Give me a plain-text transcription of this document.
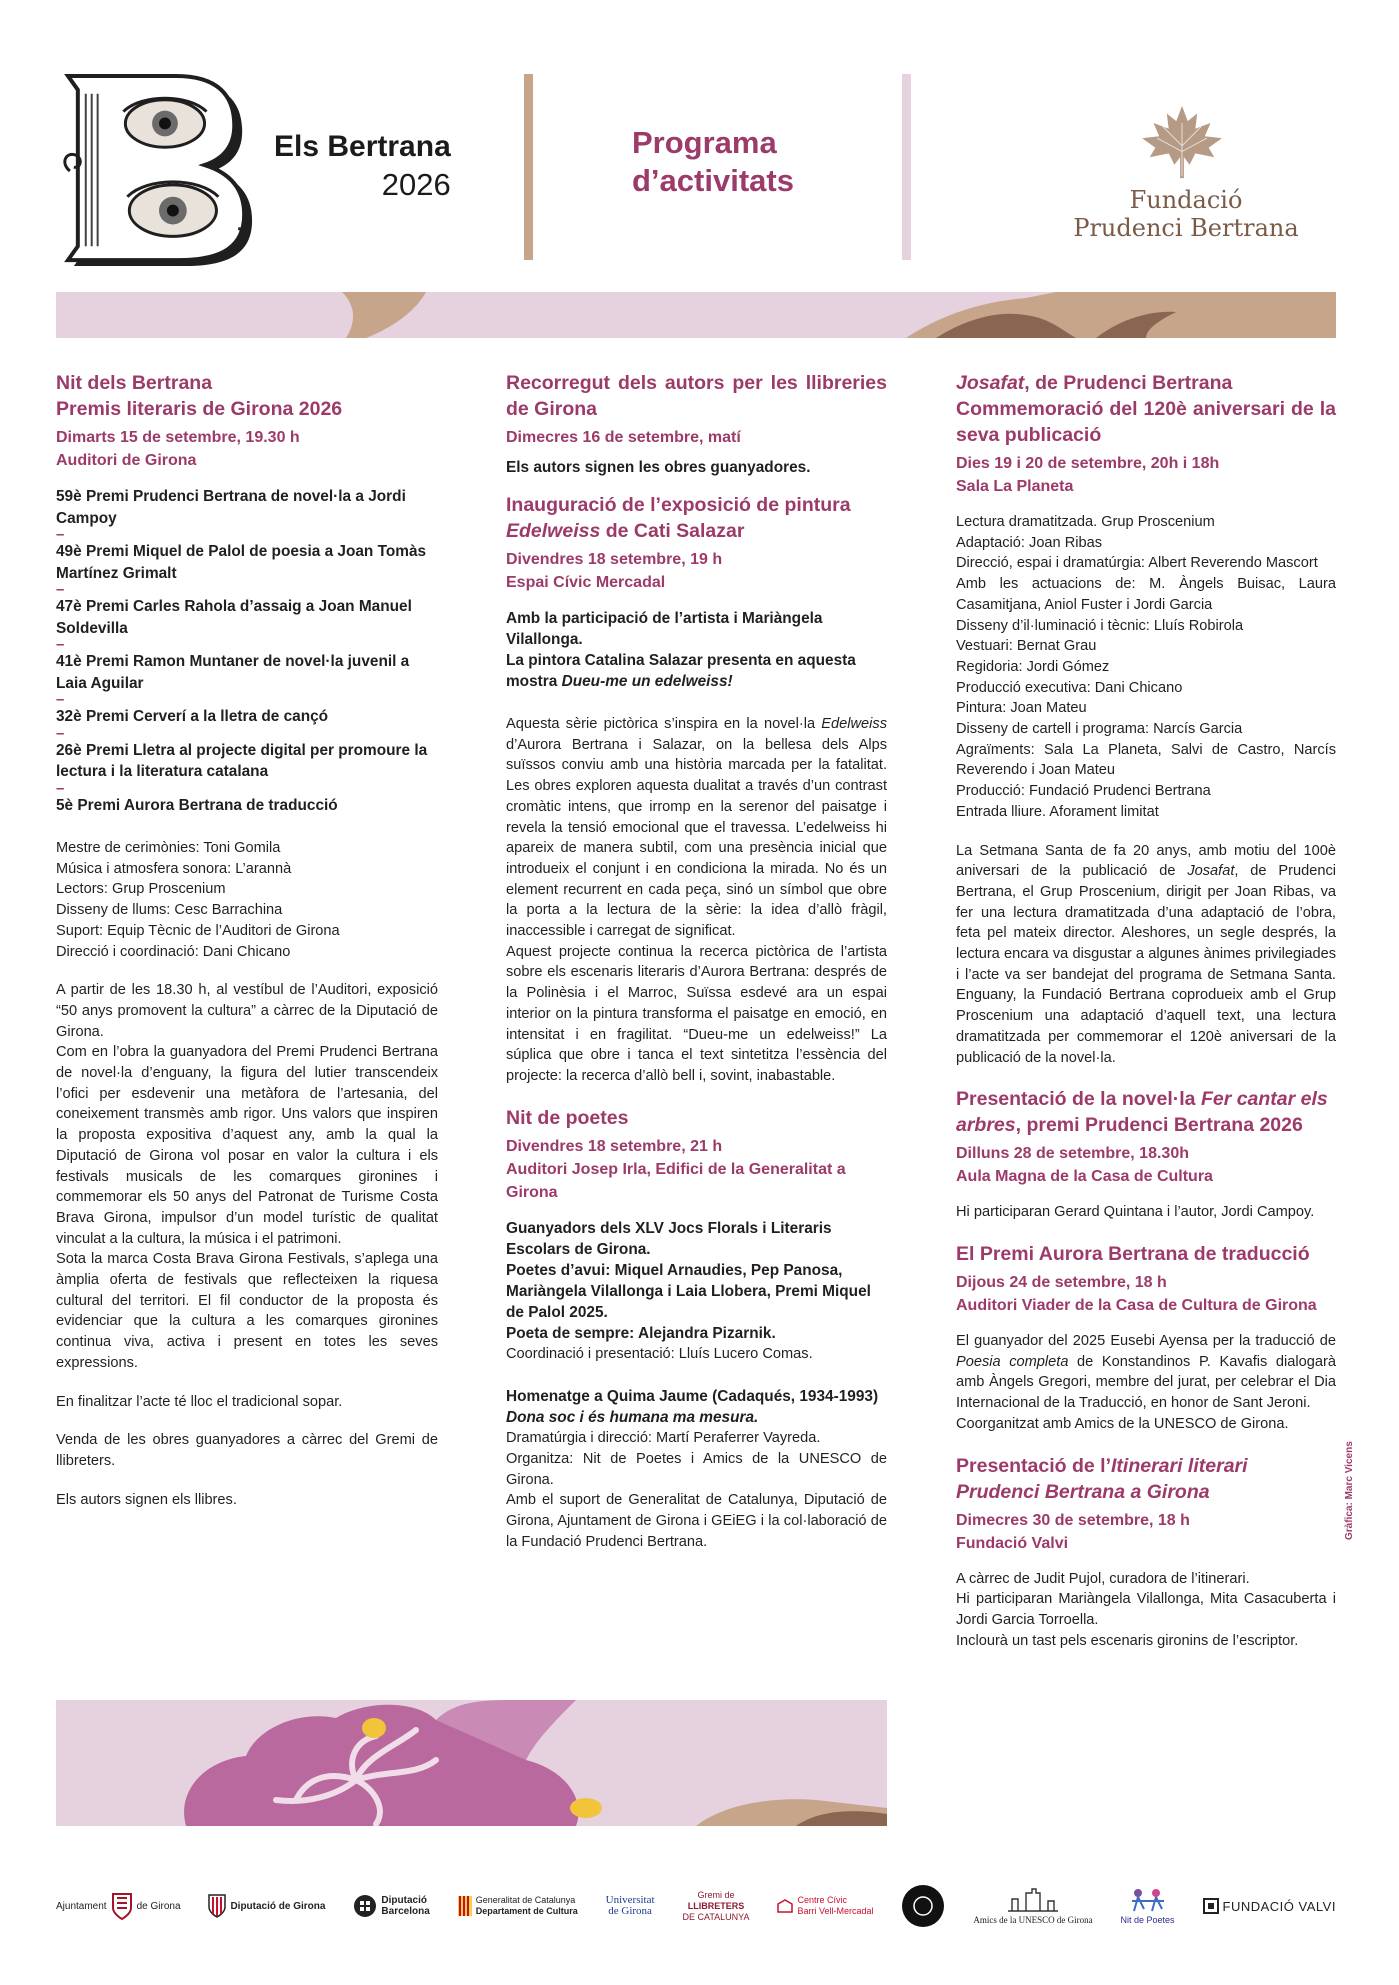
Els Bertrana
2026
Programa
d’activitats
Fundació
Prudenci Bertrana
Nit dels Bertrana
Premis literaris de Girona 2026
Dimarts 15 de setembre, 19.30 h
Auditori de Girona
59è Premi Prudenci Bertrana de novel·la a Jordi Campoy
–
49è Premi Miquel de Palol de poesia a Joan Tomàs Martínez Grimalt
–
47è Premi Carles Rahola d’assaig a Joan Manuel Soldevilla
–
41è Premi Ramon Muntaner de novel·la juvenil a Laia Aguilar
–
32è Premi Cerverí a la lletra de cançó
–
26è Premi Lletra al projecte digital per promoure la lectura i la literatura catalana
–
5è Premi Aurora Bertrana de traducció
Mestre de cerimònies: Toni Gomila
Música i atmosfera sonora: L’arannà
Lectors: Grup Proscenium
Disseny de llums: Cesc Barrachina
Suport: Equip Tècnic de l’Auditori de Girona
Direcció i coordinació: Dani Chicano
A partir de les 18.30 h, al vestíbul de l’Auditori, exposició “50 anys promovent la cultura” a càrrec de la Diputació de Girona.
Com en l’obra la guanyadora del Premi Prudenci Bertrana de novel·la d’enguany, la figura del lutier transcendeix l’ofici per esdevenir una metàfora de l’artesania, del coneixement transmès amb rigor. Uns valors que inspiren la proposta expositiva d’aquest any, amb la qual la Diputació de Girona vol posar en valor la cultura i els festivals musicals de les comarques gironines i commemorar els 50 anys del Patronat de Turisme Costa Brava Girona, impulsor d’un model turístic de qualitat vinculat a la cultura, la música i el patrimoni.
Sota la marca Costa Brava Girona Festivals, s’aplega una àmplia oferta de festivals que reflecteixen la riquesa cultural del territori. El fil conductor de la proposta és evidenciar que la cultura a les comarques gironines continua viva, activa i present en totes les seves expressions.
En finalitzar l’acte té lloc el tradicional sopar.
Venda de les obres guanyadores a càrrec del Gremi de llibreters.
Els autors signen els llibres.
Recorregut dels autors per les llibreries de Girona
Dimecres 16 de setembre, matí
Els autors signen les obres guanyadores.
Inauguració de l’exposició de pintura
Edelweiss de Cati Salazar
Divendres 18 setembre, 19 h
Espai Cívic Mercadal
Amb la participació de l’artista i Mariàngela Vilallonga.
La pintora Catalina Salazar presenta en aquesta mostra Dueu-me un edelweiss!
Aquesta sèrie pictòrica s’inspira en la novel·la Edelweiss d’Aurora Bertrana i Salazar, on la bellesa dels Alps suïssos conviu amb una història marcada per la fatalitat. Les obres exploren aquesta dualitat a través d’un contrast cromàtic intens, que irromp en la serenor del paisatge i revela la tensió emocional que el travessa. L’edelweiss hi apareix de manera subtil, com una presència inicial que introdueix el conjunt i en condiciona la mirada. No és un element recurrent en cada peça, sinó un símbol que obre la porta a la lectura de la sèrie: la idea d’allò fràgil, inaccessible i carregat de significat.
Aquest projecte continua la recerca pictòrica de l’artista sobre els escenaris literaris d’Aurora Bertrana: després de la Polinèsia i el Marroc, Suïssa esdevé ara un espai interior on la pintura transforma el paisatge en emoció, en intensitat i en fragilitat. “Dueu-me un edelweiss!” La súplica que obre i tanca el text sintetitza l’essència del projecte: la recerca d’allò bell i, sovint, inabastable.
Nit de poetes
Divendres 18 setembre, 21 h
Auditori Josep Irla, Edifici de la Generalitat a Girona
Guanyadors dels XLV Jocs Florals i Literaris Escolars de Girona.
Poetes d’avui: Miquel Arnaudies, Pep Panosa, Mariàngela Vilallonga i Laia Llobera, Premi Miquel de Palol 2025.
Poeta de sempre: Alejandra Pizarnik.
Coordinació i presentació: Lluís Lucero Comas.
Homenatge a Quima Jaume (Cadaqués, 1934-1993) Dona soc i és humana ma mesura.
Dramatúrgia i direcció: Martí Peraferrer Vayreda.
Organitza: Nit de Poetes i Amics de la UNESCO de Girona.
Amb el suport de Generalitat de Catalunya, Diputació de Girona, Ajuntament de Girona i GEiEG i la col·laboració de la Fundació Prudenci Bertrana.
Josafat, de Prudenci Bertrana
Commemoració del 120è aniversari de la seva publicació
Dies 19 i 20 de setembre, 20h i 18h
Sala La Planeta
Lectura dramatitzada. Grup Proscenium
Adaptació: Joan Ribas
Direcció, espai i dramatúrgia: Albert Reverendo Mascort
Amb les actuacions de: M. Àngels Buisac, Laura Casamitjana, Aniol Fuster i Jordi Garcia
Disseny d’il·luminació i tècnic: Lluís Robirola
Vestuari: Bernat Grau
Regidoria: Jordi Gómez
Producció executiva: Dani Chicano
Pintura: Joan Mateu
Disseny de cartell i programa: Narcís Garcia
Agraïments: Sala La Planeta, Salvi de Castro, Narcís Reverendo i Joan Mateu
Producció: Fundació Prudenci Bertrana
Entrada lliure. Aforament limitat
La Setmana Santa de fa 20 anys, amb motiu del 100è aniversari de la publicació de Josafat, de Prudenci Bertrana, el Grup Proscenium, dirigit per Joan Ribas, va fer una lectura dramatitzada d’una adaptació de l’obra, feta pel mateix director. Aleshores, un segle després, la lectura encara va disgustar a algunes ànimes privilegiades i l’acte va ser bandejat del programa de Setmana Santa. Enguany, la Fundació Bertrana coprodueix amb el Grup Proscenium una adaptació d’aquell text, una lectura dramatitzada per commemorar el 120è aniversari de la publicació de la novel·la.
Presentació de la novel·la Fer cantar els arbres, premi Prudenci Bertrana 2026
Dilluns 28 de setembre, 18.30h
Aula Magna de la Casa de Cultura
Hi participaran Gerard Quintana i l’autor, Jordi Campoy.
El Premi Aurora Bertrana de traducció
Dijous 24 de setembre, 18 h
Auditori Viader de la Casa de Cultura de Girona
El guanyador del 2025 Eusebi Ayensa per la traducció de Poesia completa de Konstandinos P. Kavafis dialogarà amb Àngels Gregori, membre del jurat, per celebrar el Dia Internacional de la Traducció, en honor de Sant Jeroni.
Coorganitzat amb Amics de la UNESCO de Girona.
Presentació de l’Itinerari literari Prudenci Bertrana a Girona
Dimecres 30 de setembre, 18 h
Fundació Valvi
A càrrec de Judit Pujol, curadora de l’itinerari.
Hi participaran Mariàngela Vilallonga, Mita Casacuberta i Jordi Garcia Torroella.
Inclourà un tast pels escenaris gironins de l’escriptor.
Gràfica: Marc Vicens
Ajuntament	de Girona	Diputació de Girona	Diputació
Barcelona
Generalitat de Catalunya
Departament de Cultura
Universitat
de Girona
Gremi de
LLIBRETERS
DE CATALUNYA
Centre Cívic
Barri Vell-Mercadal
Amics de la UNESCO de Girona	Nit de Poetes
FUNDACIÓ VALVI
